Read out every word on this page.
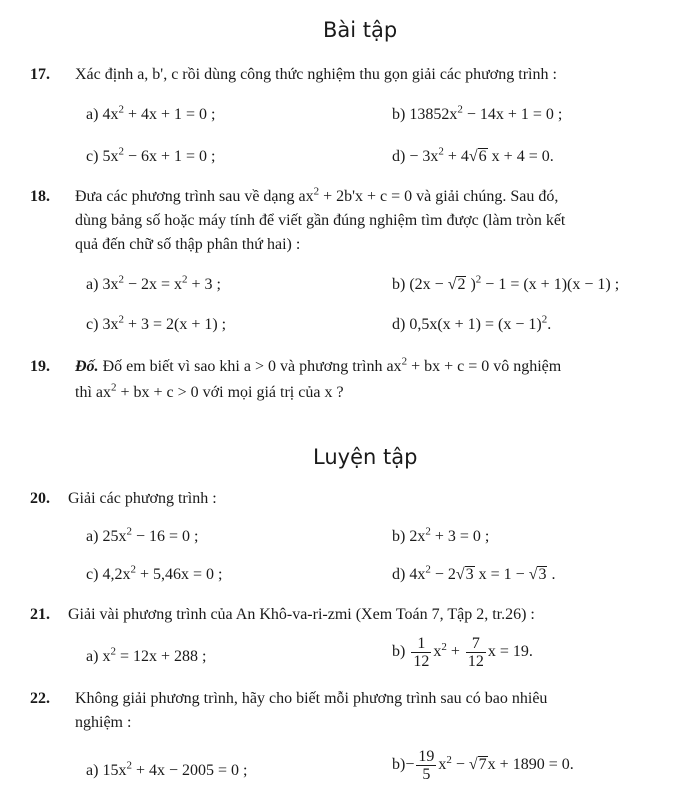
Bài tập
17. Xác định a, b', c rồi dùng công thức nghiệm thu gọn giải các phương trình :
a) $4x^2 + 4x + 1 = 0$ ;	b) $13852x^2 - 14x + 1 = 0$ ;
c) $5x^2 - 6x + 1 = 0$ ;	$d) - 3x^2 + 4√6$ x + 4 = 0.
18. Đưa các phương trình sau về dạng $ax^2 + 2b'x + c = 0$ và giải chúng. Sau đó,
dùng bảng số hoặc máy tính để viết gần đúng nghiệm tìm được (làm tròn kết
quả đến chữ số thập phân thứ hai) :
a) $3x^2 - 2x = x^2 + 3$ ;	b) (2x − √2 )$^2$ − 1 = (x + 1)(x − 1) ;
c) $3x^2 + 3 = 2(x + 1)$ ;	d) $0,5x(x + 1) = (x - 1)^2$.
19. Đố. Đố em biết vì sao khi a > 0 và phương trình $ax^2$ + bx + c = 0 vô nghiệm
thì $ax^2$ + bx + c > 0 với mọi giá trị của x ?
Luyện tập
20. Giải các phương trình :
a) $25x^2 - 16 = 0$ ;	b) $2x^2 + 3 = 0$ ;
c) $4,2x^2 + 5,46x = 0$ ;	d) $4x^2 - 2√3$ x = 1 − √3 .
21. Giải vài phương trình của An Khô-va-ri-zmi (Xem Toán 7, Tập 2, tr.26) :
a) $x^2 = 12x + 288$ ;	$b) \frac{1}{12} x^2 + \frac{7}{12}$ x = 19.
22. Không giải phương trình, hãy cho biết mỗi phương trình sau có bao nhiêu
nghiệm :
a) $15x^2 + 4x - 2005 = 0$ ;	$b)- \frac{19}{5} x^2 - √7x + 1890 = 0$.
